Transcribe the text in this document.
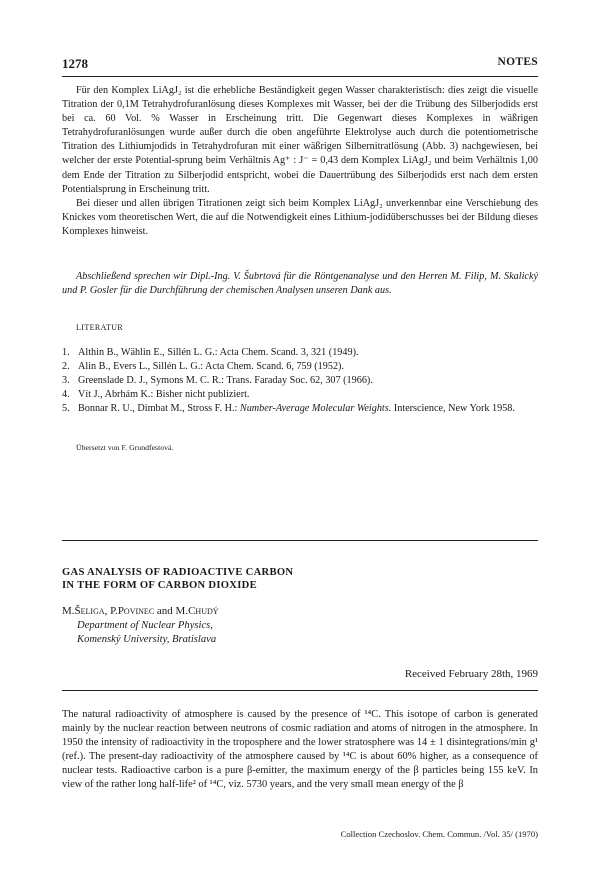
1278	NOTES

Für den Komplex LiAgJ₂ ist die erhebliche Beständigkeit gegen Wasser charakteristisch: dies zeigt die visuelle Titration der 0,1M Tetrahydrofuranlösung dieses Komplexes mit Wasser, bei der die Trübung des Silberjodids erst bei ca. 60 Vol. % Wasser in Erscheinung tritt. Die Gegenwart dieses Komplexes in wäßrigen Tetrahydrofuranlösungen wurde außer durch die oben angeführte Elektrolyse auch durch die potentiometrische Titration des Lithiumjodids in Tetrahydrofuran mit einer wäßrigen Silbernitratlösung (Abb. 3) nachgewiesen, bei welcher der erste Potential-sprung beim Verhältnis Ag⁺ : J⁻ = 0,43 dem Komplex LiAgJ₂ und beim Verhältnis 1,00 dem Ende der Titration zu Silberjodid entspricht, wobei die Dauertrübung des Silberjodids erst nach dem ersten Potentialsprung in Erscheinung tritt.

Bei dieser und allen übrigen Titrationen zeigt sich beim Komplex LiAgJ₂ unverkennbar eine Verschiebung des Knickes vom theoretischen Wert, die auf die Notwendigkeit eines Lithium-jodidüberschusses bei der Bildung dieses Komplexes hinweist.

Abschließend sprechen wir Dipl.-Ing. V. Šubrtová für die Röntgenanalyse und den Herren M. Filip, M. Skalický und P. Gosler für die Durchführung der chemischen Analysen unseren Dank aus.
LITERATUR
1. Althin B., Wählin E., Sillén L. G.: Acta Chem. Scand. 3, 321 (1949).
2. Alin B., Evers L., Sillén L. G.: Acta Chem. Scand. 6, 759 (1952).
3. Greenslade D. J., Symons M. C. R.: Trans. Faraday Soc. 62, 307 (1966).
4. Vít J., Abrhám K.: Bisher nicht publiziert.
5. Bonnar R. U., Dimbat M., Stross F. H.: Number-Average Molecular Weights. Interscience, New York 1958.
Übersetzt von F. Grundfestová.
GAS ANALYSIS OF RADIOACTIVE CARBON
IN THE FORM OF CARBON DIOXIDE
M.Šeliga, P.Povinec and M.Chudý
Department of Nuclear Physics,
Komenský University, Bratislava
Received February 28th, 1969

The natural radioactivity of atmosphere is caused by the presence of ¹⁴C. This isotope of carbon is generated mainly by the nuclear reaction between neutrons of cosmic radiation and atoms of nitrogen in the atmosphere. In 1950 the intensity of radioactivity in the troposphere and the lower stratosphere was 14 ± 1 disintegrations/min g¹ (ref.). The present-day radioactivity of the atmosphere caused by ¹⁴C is about 60% higher, as a consequence of nuclear tests. Radioactive carbon is a pure β-emitter, the maximum energy of the β particles being 155 keV. In view of the rather long half-life² of ¹⁴C, viz. 5730 years, and the very small mean energy of the β

Collection Czechoslov. Chem. Commun. /Vol. 35/ (1970)
